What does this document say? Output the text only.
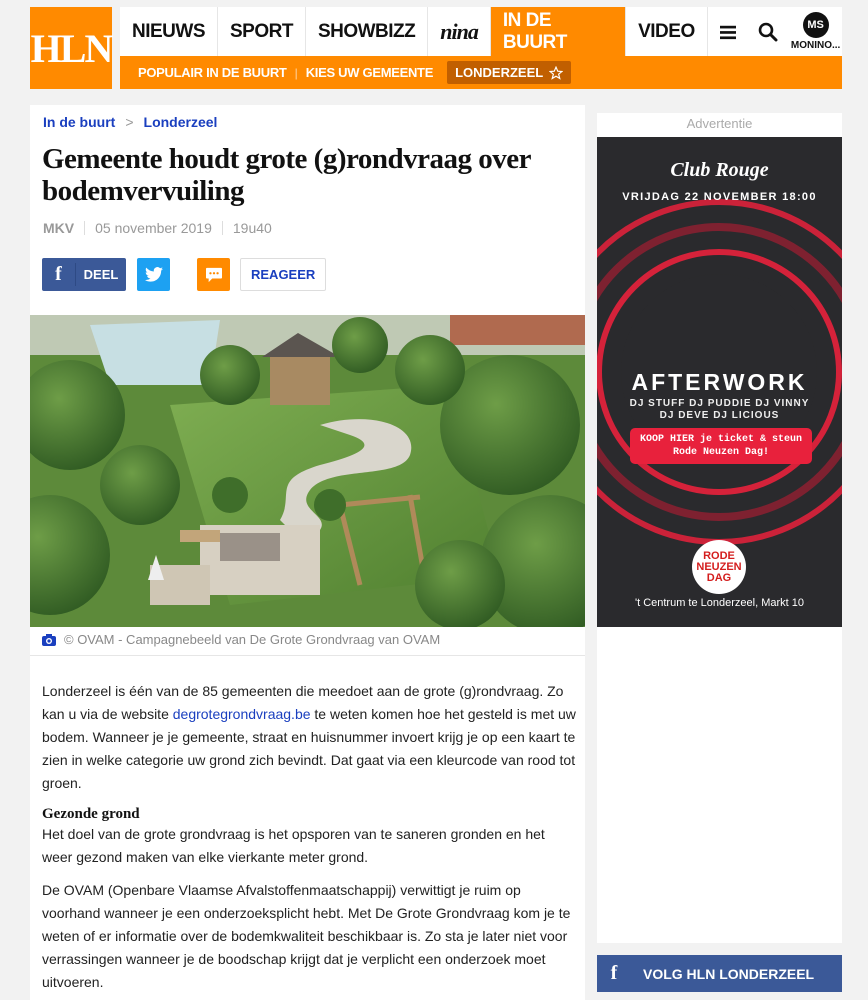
HLN	NIEUWS	SPORT	SHOWBIZZ	nina	IN DE BUURT
VIDEO	MS
MONINO...
POPULAIR IN DE BUURT | KIES UW GEMEENTE	LONDERZEEL
In de buurt > Londerzeel
Gemeente houdt grote (g)rondvraag over bodemvervuiling
MKV 05 november 2019 19u40
f	DEEL	REAGEER
© OVAM - Campagnebeeld van De Grote Grondvraag van OVAM

Londerzeel is één van de 85 gemeenten die meedoet aan de grote (g)rondvraag. Zo kan u via de website degrotegrondvraag.be te weten komen hoe het gesteld is met uw bodem. Wanneer je je gemeente, straat en huisnummer invoert krijg je op een kaart te zien in welke categorie uw grond zich bevindt. Dat gaat via een kleurcode van rood tot groen.

Gezonde grond

Het doel van de grote grondvraag is het opsporen van te saneren gronden en het weer gezond maken van elke vierkante meter grond.

De OVAM (Openbare Vlaamse Afvalstoffenmaatschappij) verwittigt je ruim op voorhand wanneer je een onderzoeksplicht hebt. Met De Grote Grondvraag kom je te weten of er informatie over de bodemkwaliteit beschikbaar is. Zo sta je later niet voor verrassingen wanneer je de boodschap krijgt dat je verplicht een onderzoek moet uitvoeren.

Advertentie
Club Rouge
VRIJDAG 22 NOVEMBER 18:00
AFTERWORK
DJ STUFF DJ PUDDIE DJ VINNY DJ DEVE DJ LICIOUS
KOOP HIER je ticket & steun Rode Neuzen Dag!
RODE NEUZEN DAG
't Centrum te Londerzeel, Markt 10
f	VOLG HLN LONDERZEEL
